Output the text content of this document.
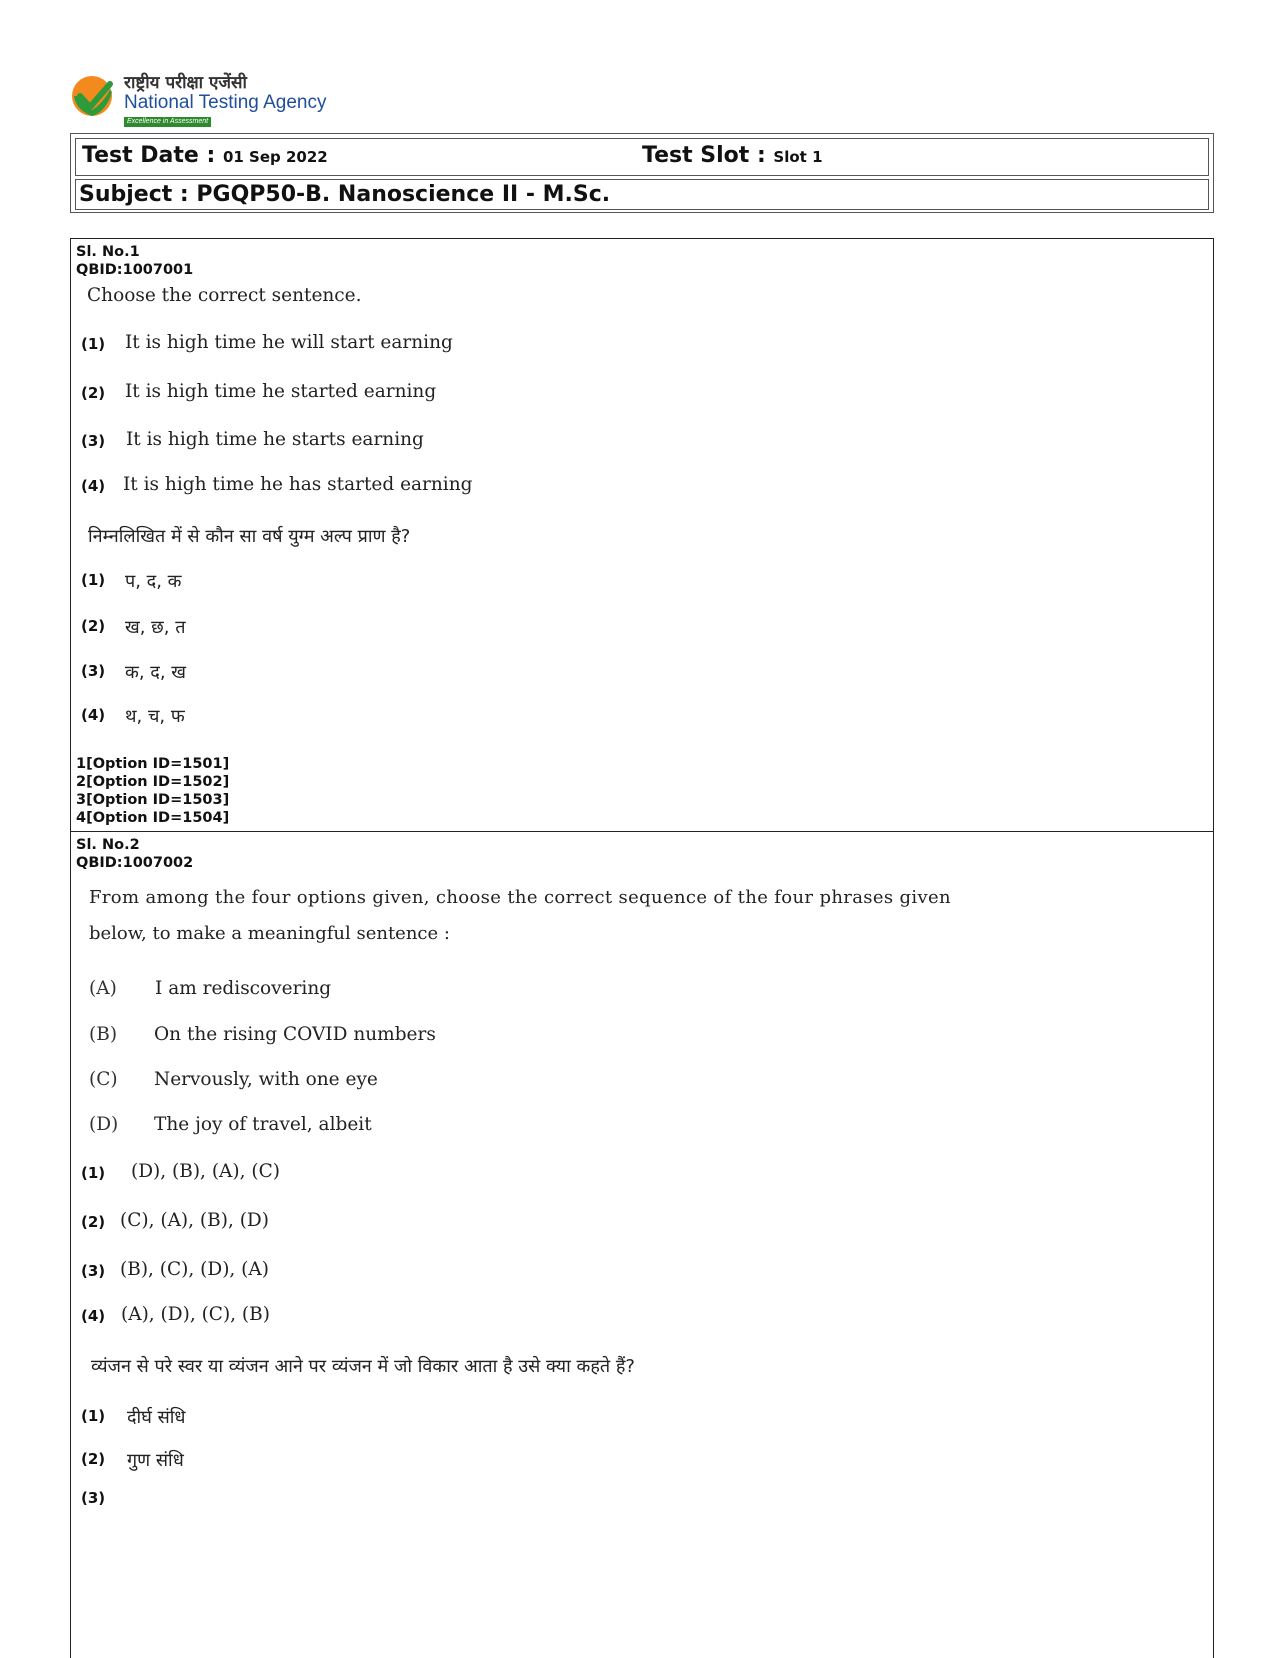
राष्ट्रीय परीक्षा एजेंसी
National Testing Agency
Excellence in Assessment
Test Date : 01 Sep 2022	Test Slot : Slot 1
Subject : PGQP50-B. Nanoscience II - M.Sc.
Sl. No.1
QBID:1007001
Choose the correct sentence.
(1) It is high time he will start earning
(2) It is high time he started earning
(3) It is high time he starts earning
(4) It is high time he has started earning
निम्नलिखित में से कौन सा वर्ष युग्म अल्प प्राण है?
(1) प, द, क
(2) ख, छ, त
(3) क, द, ख
(4) थ, च, फ
1[Option ID=1501]
2[Option ID=1502]
3[Option ID=1503]
4[Option ID=1504]
Sl. No.2
QBID:1007002
From among the four options given, choose the correct sequence of the four phrases given
below, to make a meaningful sentence :
(A) I am rediscovering
(B) On the rising COVID numbers
(C) Nervously, with one eye
(D) The joy of travel, albeit
(1) (D), (B), (A), (C)
(2) (C), (A), (B), (D)
(3) (B), (C), (D), (A)
(4) (A), (D), (C), (B)
व्यंजन से परे स्वर या व्यंजन आने पर व्यंजन में जो विकार आता है उसे क्या कहते हैं?
(1) दीर्घ संधि
(2) गुण संधि
(3)
